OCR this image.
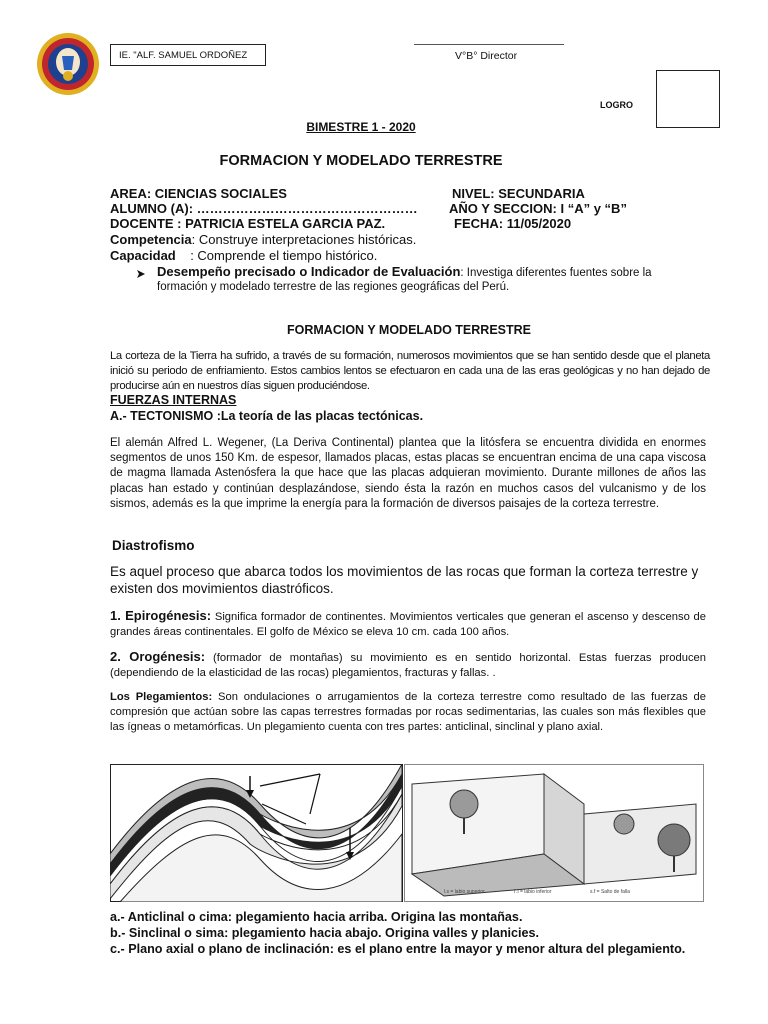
IE. "ALF. SAMUEL ORDOÑEZ	V°B° Director
LOGRO
BIMESTRE 1 - 2020
FORMACION Y MODELADO TERRESTRE
AREA: CIENCIAS SOCIALES	NIVEL: SECUNDARIA
ALUMNO (A): …………………………………………… AÑO Y SECCION: I “A” y “B”
DOCENTE : PATRICIA ESTELA GARCIA PAZ.	FECHA: 11/05/2020
Competencia: Construye interpretaciones históricas.
Capacidad    : Comprende el tiempo histórico.
Desempeño precisado o Indicador de Evaluación: Investiga diferentes fuentes sobre la
formación y modelado terrestre de las regiones geográficas del Perú.
FORMACION Y MODELADO TERRESTRE
La corteza de la Tierra ha sufrido, a través de su formación, numerosos movimientos que se han sentido desde que el planeta inició su periodo de enfriamiento. Estos cambios lentos se efectuaron en cada una de las eras geológicas y no han dejado de producirse aún en nuestros días siguen produciéndose.
FUERZAS INTERNAS
A.- TECTONISMO :La teoría de las placas tectónicas.
El alemán Alfred L. Wegener, (La Deriva Continental) plantea que la litósfera se encuentra dividida en enormes segmentos de unos 150 Km. de espesor, llamados placas, estas placas se encuentran encima de una capa viscosa de magma llamada Astenósfera la que hace que las placas adquieran movimiento. Durante millones de años las placas han estado y continúan desplazándose, siendo ésta la razón en muchos casos del vulcanismo y de los sismos, además es la que imprime la energía para la formación de diversos paisajes de la corteza terrestre.
Diastrofismo
Es aquel proceso que abarca todos los movimientos de las rocas que forman la corteza terrestre y existen dos movimientos diastróficos.
1. Epirogénesis: Significa formador de continentes. Movimientos verticales que generan el ascenso y descenso de grandes áreas continentales. El golfo de México se eleva 10 cm. cada 100 años.
2. Orogénesis: (formador de montañas) su movimiento es en sentido horizontal. Estas fuerzas producen (dependiendo de la elasticidad de las rocas) plegamientos, fracturas y fallas. .
Los Plegamientos: Son ondulaciones o arrugamientos de la corteza terrestre como resultado de las fuerzas de compresión que actúan sobre las capas terrestres formadas por rocas sedimentarias, las cuales son más flexibles que las ígneas o metamórficas. Un plegamiento cuenta con tres partes: anticlinal, sinclinal y plano axial.
l.s = labio superior	l'.i = labio inferior	s.f = Salto de falla
a.- Anticlinal o cima: plegamiento hacia arriba. Origina las montañas.
b.- Sinclinal o sima: plegamiento hacia abajo. Origina valles y planicies.
c.- Plano axial o plano de inclinación: es el plano entre la mayor y menor altura del plegamiento.
